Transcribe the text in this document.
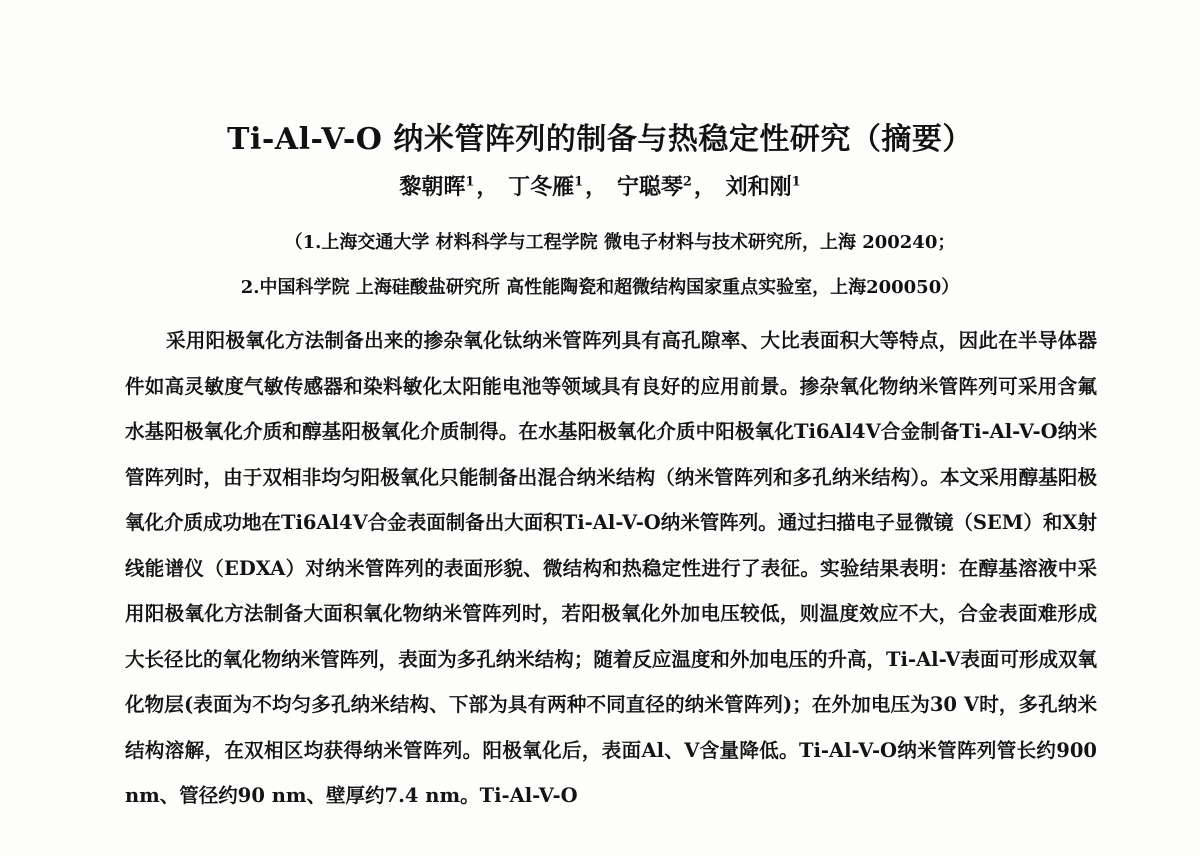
Ti-Al-V-O 纳米管阵列的制备与热稳定性研究（摘要）
黎朝晖$^1$， 丁冬雁$^1$， 宁聪琴$^2$， 刘和刚$^1$
（1.上海交通大学 材料科学与工程学院 微电子材料与技术研究所，上海 200240；
2.中国科学院 上海硅酸盐研究所 高性能陶瓷和超微结构国家重点实验室，上海200050）

采用阳极氧化方法制备出来的掺杂氧化钛纳米管阵列具有高孔隙率、大比表面积大等特点，因此在半导体器件如高灵敏度气敏传感器和染料敏化太阳能电池等领域具有良好的应用前景。掺杂氧化物纳米管阵列可采用含氟水基阳极氧化介质和醇基阳极氧化介质制得。在水基阳极氧化介质中阳极氧化Ti6Al4V合金制备Ti-Al-V-O纳米管阵列时，由于双相非均匀阳极氧化只能制备出混合纳米结构（纳米管阵列和多孔纳米结构）。本文采用醇基阳极氧化介质成功地在Ti6Al4V合金表面制备出大面积Ti-Al-V-O纳米管阵列。通过扫描电子显微镜（SEM）和X射线能谱仪（EDXA）对纳米管阵列的表面形貌、微结构和热稳定性进行了表征。实验结果表明：在醇基溶液中采用阳极氧化方法制备大面积氧化物纳米管阵列时，若阳极氧化外加电压较低，则温度效应不大，合金表面难形成大长径比的氧化物纳米管阵列，表面为多孔纳米结构；随着反应温度和外加电压的升高，Ti-Al-V表面可形成双氧化物层(表面为不均匀多孔纳米结构、下部为具有两种不同直径的纳米管阵列)；在外加电压为30 V时，多孔纳米结构溶解，在双相区均获得纳米管阵列。阳极氧化后，表面Al、V含量降低。Ti-Al-V-O纳米管阵列管长约900 nm、管径约90 nm、壁厚约7.4 nm。Ti-Al-V-O
